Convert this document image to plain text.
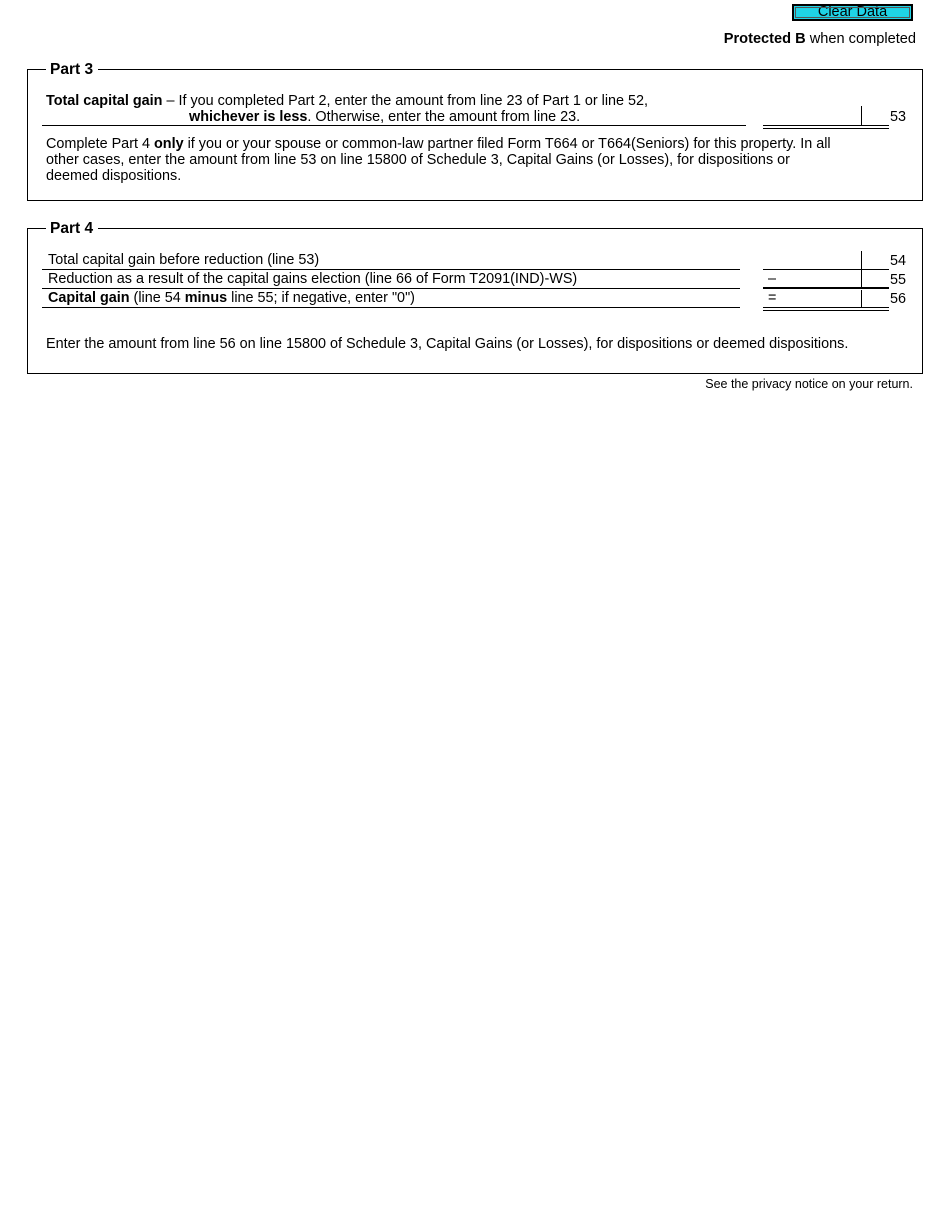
Clear Data
Protected B when completed
Part 3
Total capital gain – If you completed Part 2, enter the amount from line 23 of Part 1 or line 52,
whichever is less. Otherwise, enter the amount from line 23.	53
Complete Part 4 only if you or your spouse or common-law partner filed Form T664 or T664(Seniors) for this property. In all
other cases, enter the amount from line 53 on line 15800 of Schedule 3, Capital Gains (or Losses), for dispositions or
deemed dispositions.
Part 4
Total capital gain before reduction (line 53)	54
Reduction as a result of the capital gains election (line 66 of Form T2091(IND)-WS)	–	55
Capital gain (line 54 minus line 55; if negative, enter "0")	=	56
Enter the amount from line 56 on line 15800 of Schedule 3, Capital Gains (or Losses), for dispositions or deemed dispositions.
See the privacy notice on your return.
